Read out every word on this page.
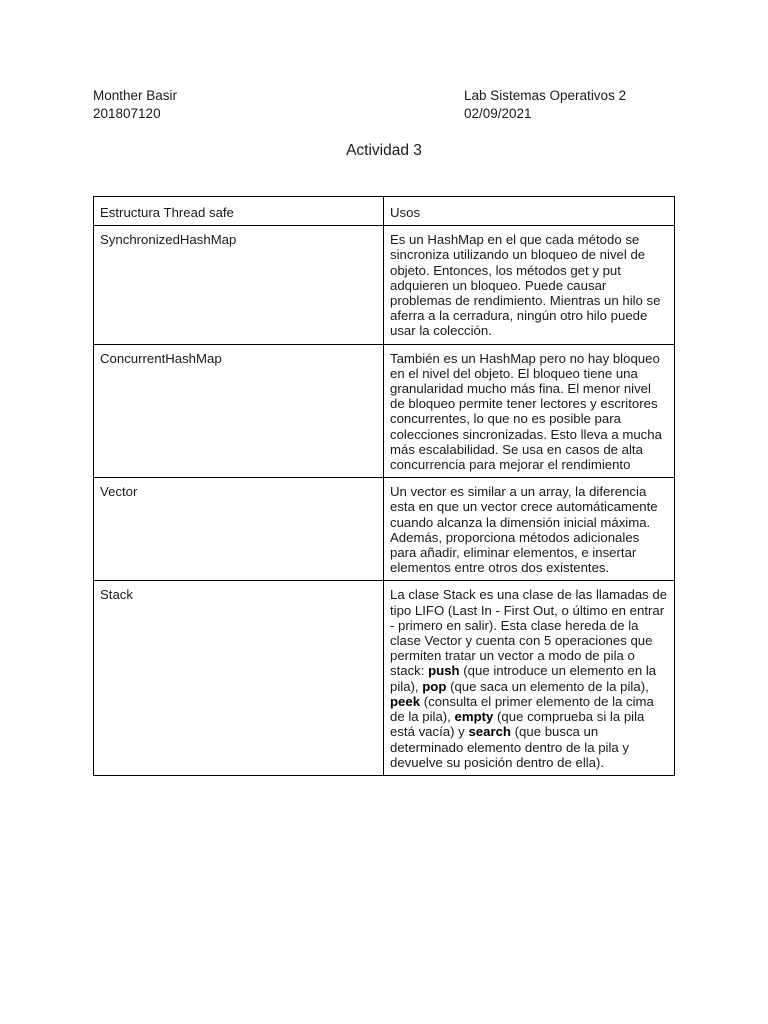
Monther Basir
201807120
Lab Sistemas Operativos 2
02/09/2021
Actividad 3
Estructura Thread safe	Usos
SynchronizedHashMap	Es un HashMap en el que cada método se sincroniza utilizando un bloqueo de nivel de objeto. Entonces, los métodos get y put adquieren un bloqueo. Puede causar problemas de rendimiento. Mientras un hilo se aferra a la cerradura, ningún otro hilo puede usar la colección.
ConcurrentHashMap	También es un HashMap pero no hay bloqueo en el nivel del objeto. El bloqueo tiene una granularidad mucho más fina. El menor nivel de bloqueo permite tener lectores y escritores concurrentes, lo que no es posible para colecciones sincronizadas. Esto lleva a mucha más escalabilidad. Se usa en casos de alta concurrencia para mejorar el rendimiento
Vector	Un vector es similar a un array, la diferencia esta en que un vector crece automáticamente cuando alcanza la dimensión inicial máxima. Además, proporciona métodos adicionales para añadir, eliminar elementos, e insertar elementos entre otros dos existentes.
Stack	La clase Stack es una clase de las llamadas de tipo LIFO (Last In - First Out, o último en entrar - primero en salir). Esta clase hereda de la clase Vector y cuenta con 5 operaciones que permiten tratar un vector a modo de pila o stack: push (que introduce un elemento en la pila), pop (que saca un elemento de la pila), peek (consulta el primer elemento de la cima de la pila), empty (que comprueba si la pila está vacía) y search (que busca un determinado elemento dentro de la pila y devuelve su posición dentro de ella).
